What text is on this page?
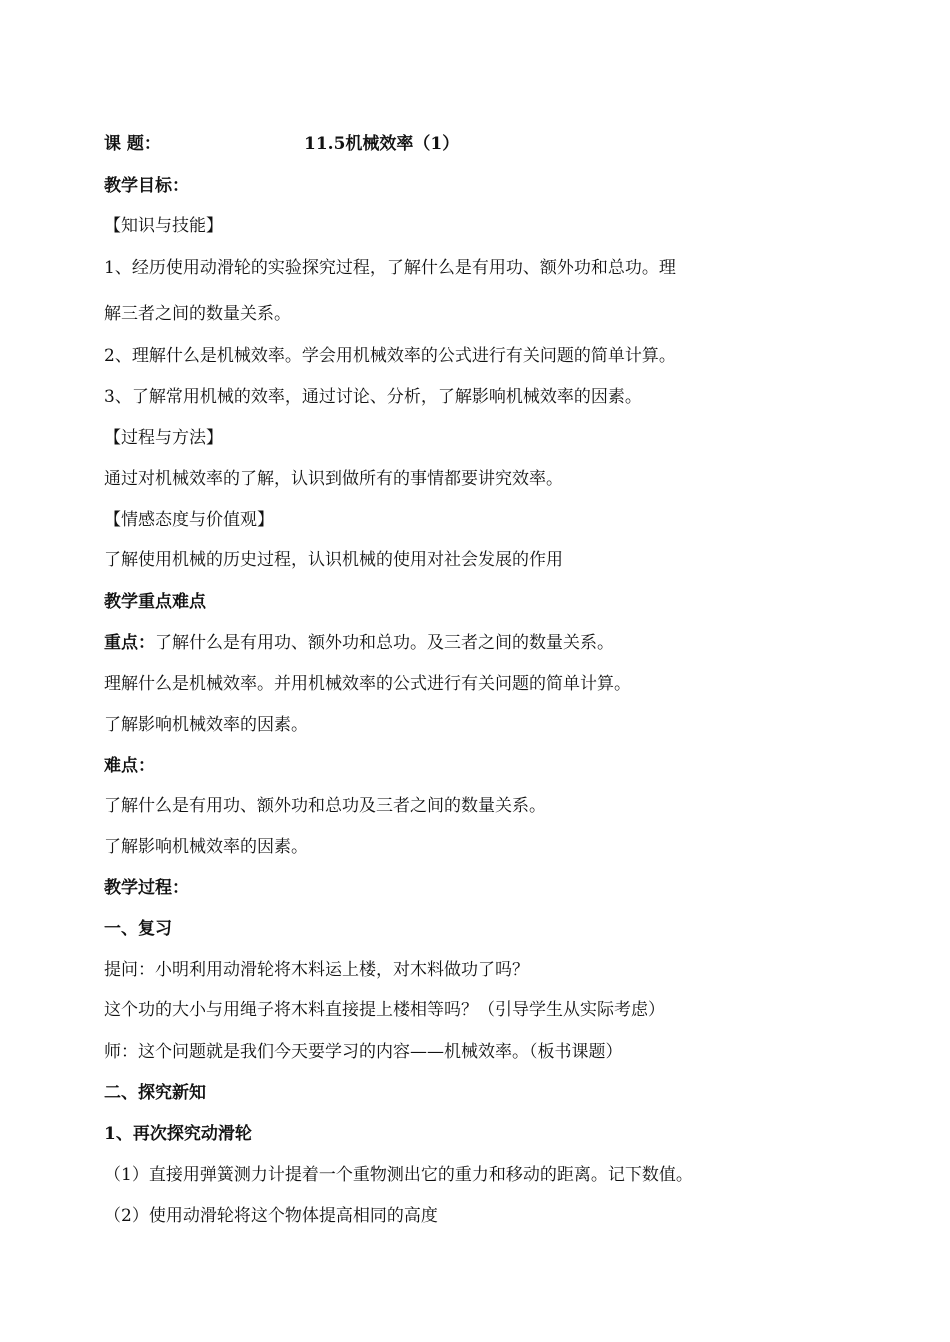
课 题：	11.5机械效率（1）
教学目标：
【知识与技能】
1、经历使用动滑轮的实验探究过程，了解什么是有用功、额外功和总功。理
解三者之间的数量关系。
2、理解什么是机械效率。学会用机械效率的公式进行有关问题的简单计算。
3、了解常用机械的效率，通过讨论、分析，了解影响机械效率的因素。
【过程与方法】
通过对机械效率的了解，认识到做所有的事情都要讲究效率。
【情感态度与价值观】
了解使用机械的历史过程，认识机械的使用对社会发展的作用
教学重点难点
重点：了解什么是有用功、额外功和总功。及三者之间的数量关系。
理解什么是机械效率。并用机械效率的公式进行有关问题的简单计算。
了解影响机械效率的因素。
难点：
了解什么是有用功、额外功和总功及三者之间的数量关系。
了解影响机械效率的因素。
教学过程：
一、复习
提问：小明利用动滑轮将木料运上楼，对木料做功了吗？
这个功的大小与用绳子将木料直接提上楼相等吗？（引导学生从实际考虑）
师：这个问题就是我们今天要学习的内容——机械效率。（板书课题）
二、探究新知
1、再次探究动滑轮
（1）直接用弹簧测力计提着一个重物测出它的重力和移动的距离。记下数值。
（2）使用动滑轮将这个物体提高相同的高度
